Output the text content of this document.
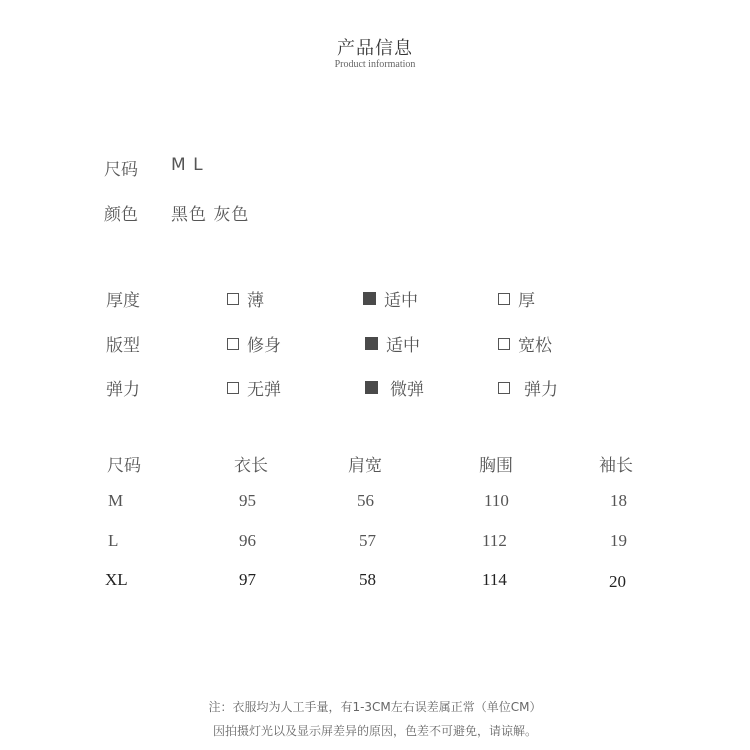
产品信息
Product information
尺码 M L
颜色 黑色 灰色
厚度	薄	适中	厚
版型	修身	适中	宽松
弹力	无弹	微弹	弹力
尺码	衣长	肩宽	胸围	袖长
M	95	56	110	18
L	96	57	112	19
XL	97	58	114	20
注：衣服均为人工手量，有1-3CM左右误差属正常（单位CM）
因拍摄灯光以及显示屏差异的原因，色差不可避免，请谅解。
